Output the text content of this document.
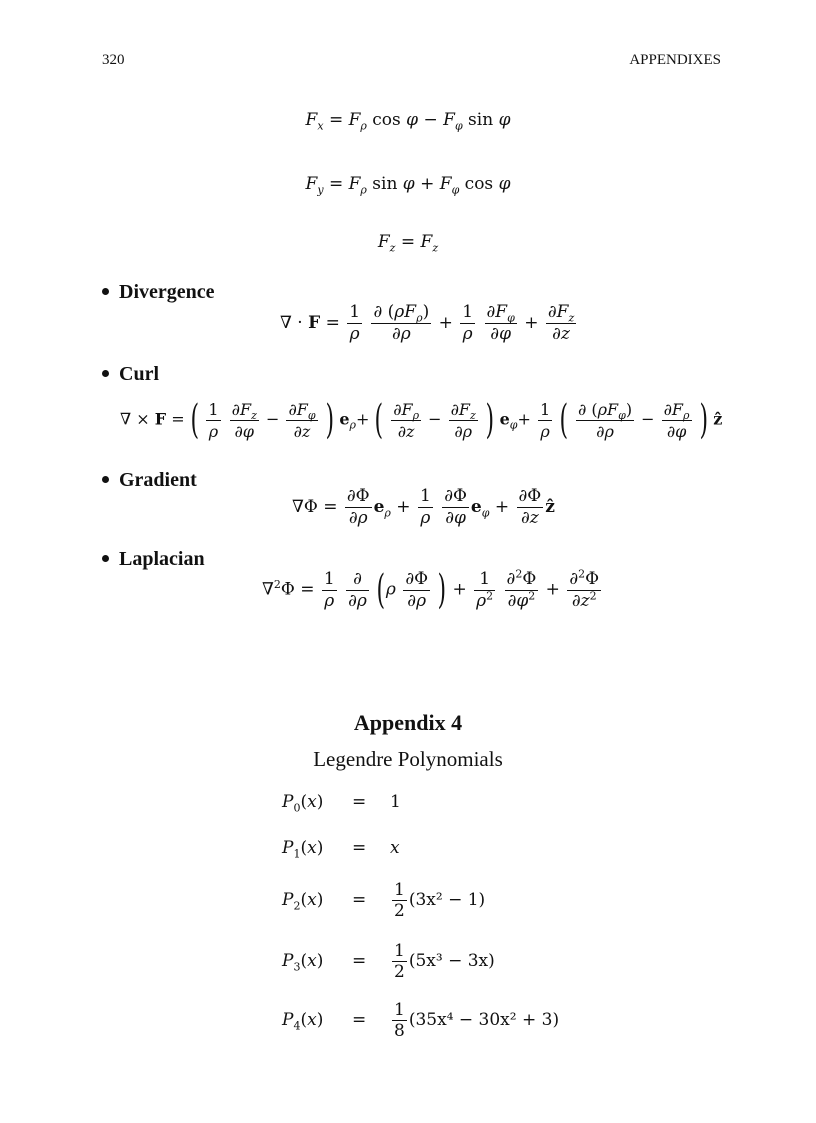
320	APPENDIXES
$F_x = F_\rho$ $\cos \varphi - F_\varphi$ sin φ
$F_y = F_\rho$ $\sin \varphi + F_\varphi$ cos φ
$F_z = F_z$
Divergence
∇ · $F = \frac{1}{\rho}$
$\frac{\partial (\rho F_\rho)}{\partial\rho} + \frac{1}{\rho}$
$\frac{\partial F_\varphi}{\partial\varphi} + \frac{\partial F_z}{\partial z}$
Curl
∇ × F = ( $\frac{1}{\rho}$
$\frac{\partial F_z}{\partial\varphi} - \frac{\partial F_\varphi}{\partial z}$ ) $e_\rho+$ ( $\frac{\partial F_\rho}{\partial z} - \frac{\partial F_z}{\partial\rho}$ ) $e_\varphi+ \frac{1}{\rho}$ ( $\frac{\partial (\rho F_\varphi)}{\partial\rho} - \frac{\partial F_\rho}{\partial\varphi}$ ) ẑ
Gradient
$\nabla\Phi = \frac{\partial\Phi}{\partial\rho} e_\rho + \frac{1}{\rho}$
$\frac{\partial\Phi}{\partial\varphi} e_\varphi + \frac{\partial\Phi}{\partial z}$ ẑ
Laplacian
$\nabla^2\Phi = \frac{1}{\rho}$
$\frac{\partial}{\partial\rho} (\rho \frac{\partial\Phi}{\partial\rho}$ ) + $\frac{1}{\rho^2}$
$\frac{\partial^2\Phi}{\partial\varphi^2} + \frac{\partial^2\Phi}{\partial z^2}$
Appendix 4
Legendre Polynomials
$P_0(x) = 1$
$P_1(x) = x$
$P_2(x) = \frac{1}{2} (3x^2 - 1)$
$P_3(x) = \frac{1}{2} (5x^3 - 3x)$
$P_4(x) = \frac{1}{8} (35x^4 - 30x^2 + 3)$
